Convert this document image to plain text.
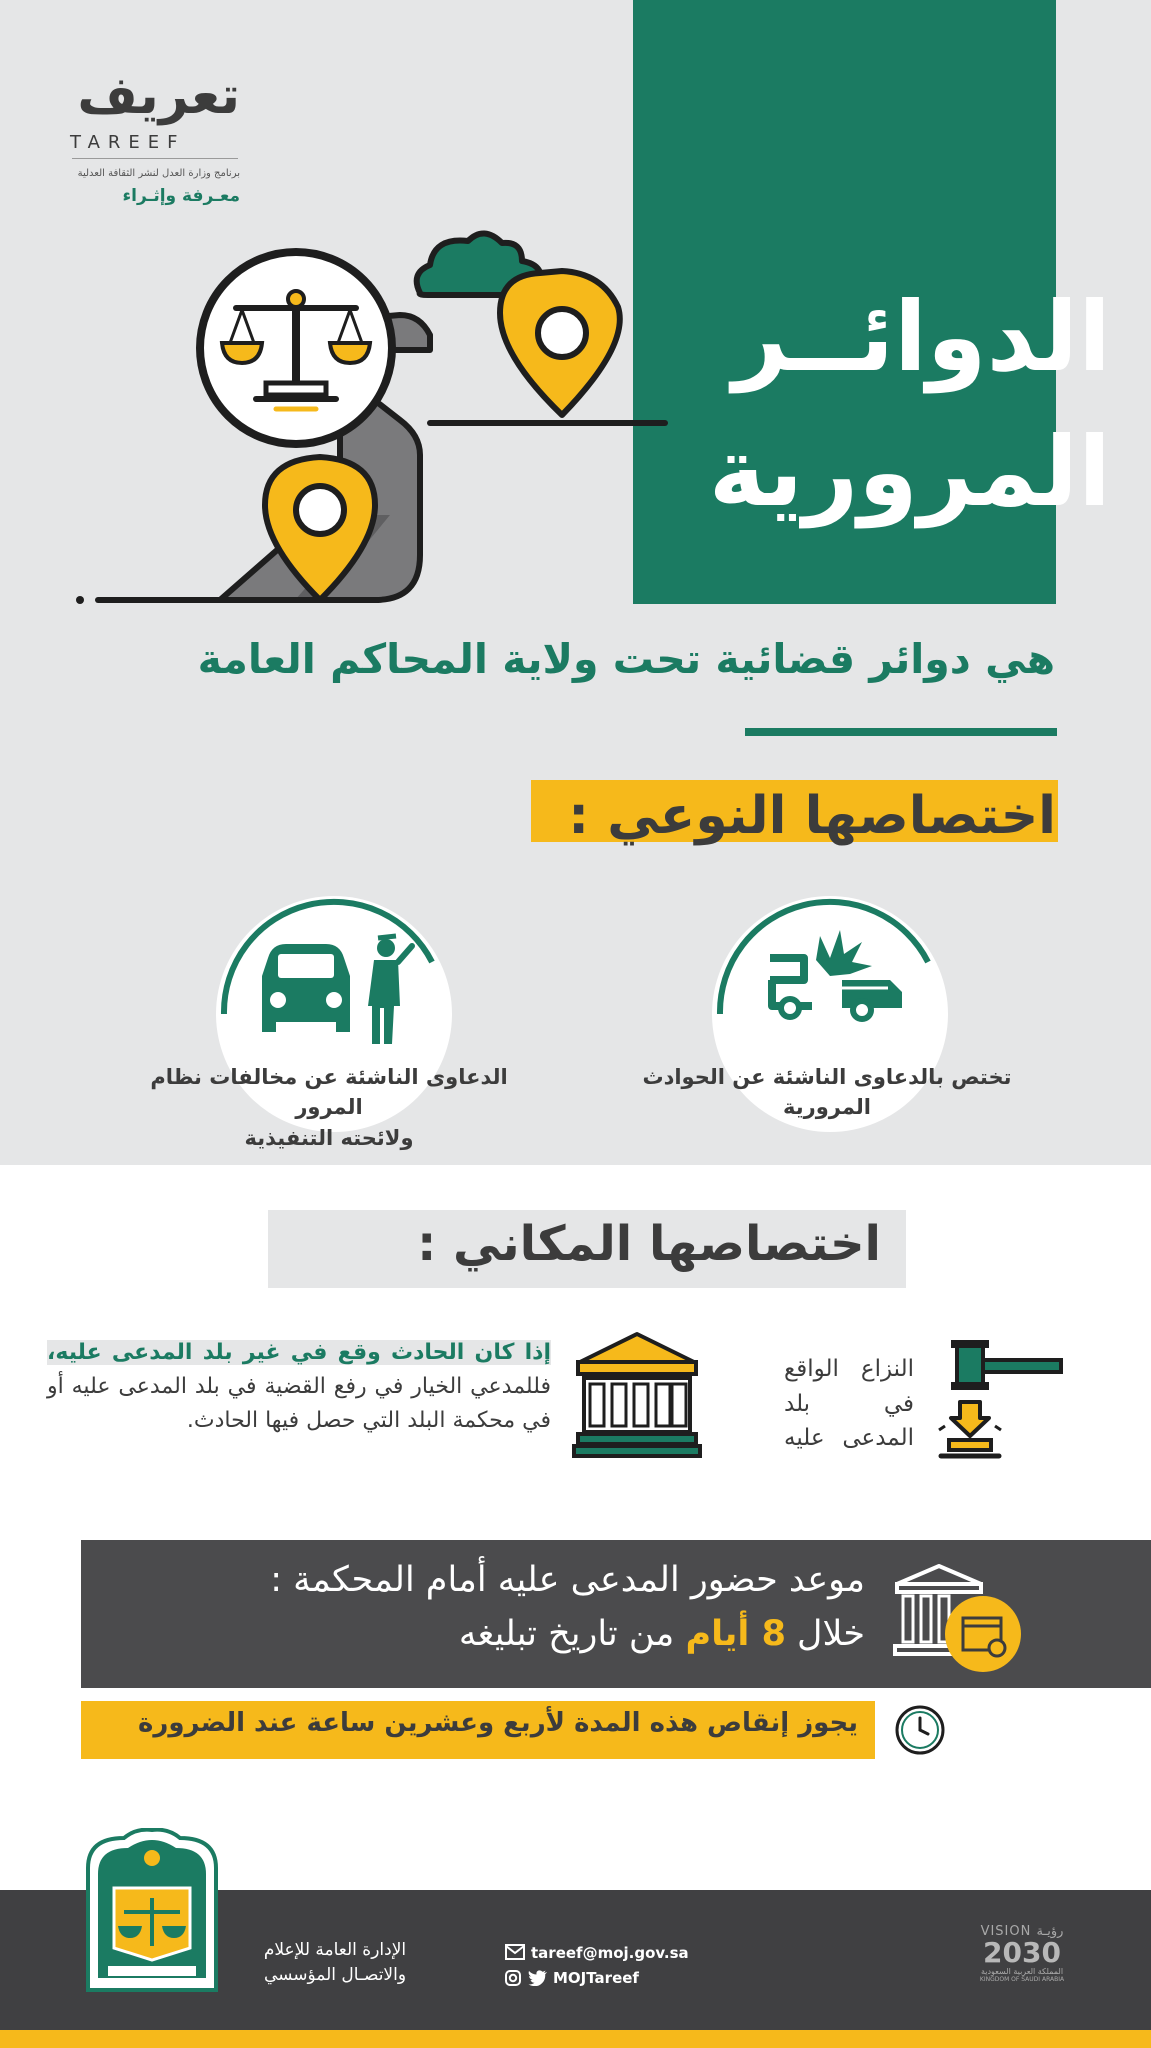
تعريف
TAREEF
برنامج وزارة العدل لنشر الثقافة العدلية
معـرفة وإثـراء
الدوائــر
المرورية
هي دوائر قضائية تحت ولاية المحاكم العامة
اختصاصها النوعي :
تختص بالدعاوى الناشئة عن الحوادث
المرورية
الدعاوى الناشئة عن مخالفات نظام المرور
ولائحته التنفيذية
اختصاصها المكاني :
النزاع الواقع في بلد المدعى عليه
إذا كان الحادث وقع في غير بلد المدعى عليه، فللمدعي الخيار في رفع القضية في بلد المدعى عليه أو في محكمة البلد التي حصل فيها الحادث.
موعد حضور المدعى عليه أمام المحكمة :
خلال 8 أيام من تاريخ تبليغه
يجوز إنقاص هذه المدة لأربع وعشرين ساعة عند الضرورة
الإدارة العامة للإعلام
والاتصـال المؤسسي
tareef@moj.gov.sa
MOJTareef
VISION رؤيـة
2030
المملكة العربية السعودية
KINGDOM OF SAUDI ARABIA
